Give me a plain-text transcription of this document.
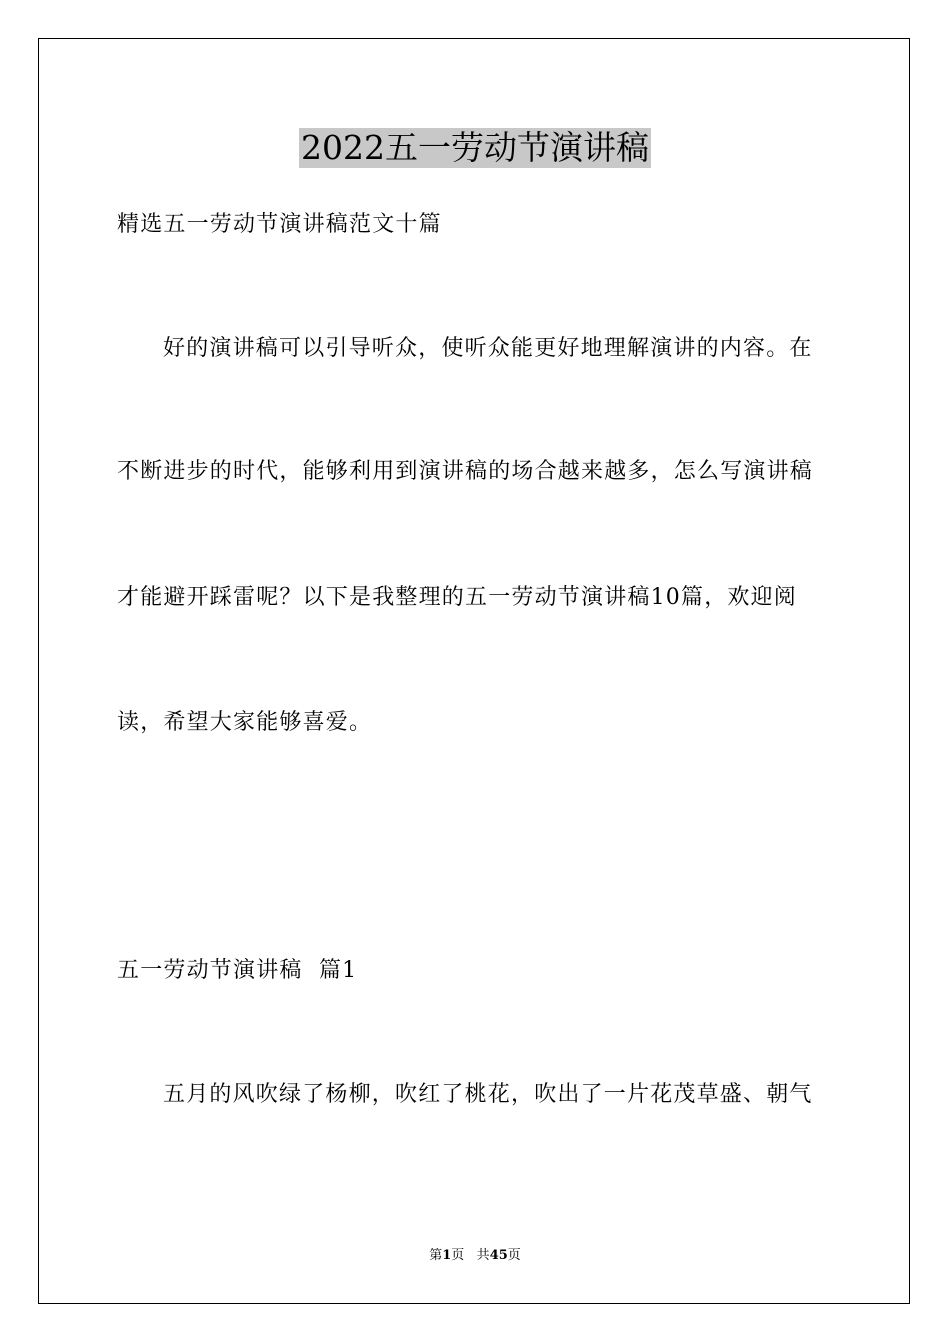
2022五一劳动节演讲稿
精选五一劳动节演讲稿范文十篇
好的演讲稿可以引导听众，使听众能更好地理解演讲的内容。在
不断进步的时代，能够利用到演讲稿的场合越来越多，怎么写演讲稿
才能避开踩雷呢？以下是我整理的五一劳动节演讲稿10篇，欢迎阅
读，希望大家能够喜爱。
五一劳动节演讲稿  篇1
五月的风吹绿了杨柳，吹红了桃花，吹出了一片花茂草盛、朝气
第1页 共45页
